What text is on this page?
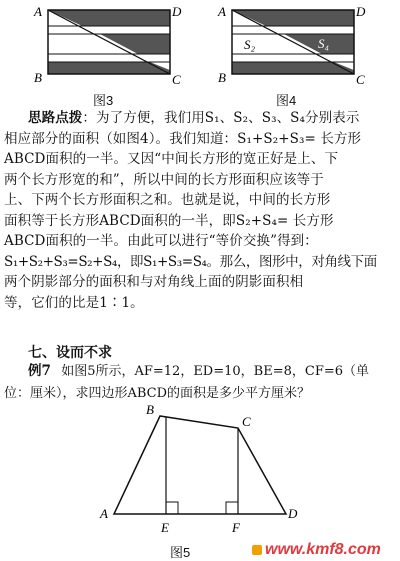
A
B	C
D
图3
S₂	S₄
A
B	C
D
图4
思路点拨：为了方便，我们用S₁、S₂、S₃、S₄分别表示
相应部分的面积（如图4）。我们知道：S₁+S₂+S₃= 长方形
ABCD面积的一半。又因“中间长方形的宽正好是上、下
两个长方形宽的和”，所以中间的长方形面积应该等于
上、下两个长方形面积之和。也就是说，中间的长方形
面积等于长方形ABCD面积的一半，即S₂+S₄= 长方形
ABCD面积的一半。由此可以进行“等价交换”得到：
S₁+S₂+S₃=S₂+S₄，即S₁+S₃=S₄。那么，图形中，对角线下面
两个阴影部分的面积和与对角线上面的阴影面积相
等，它们的比是1∶1。
七、设而不求
例7 如图5所示，AF=12，ED=10，BE=8，CF=6（单
位：厘米），求四边形ABCD的面积是多少平方厘米？
A
B
C
D
E	F
图5	www.kmf8.com
